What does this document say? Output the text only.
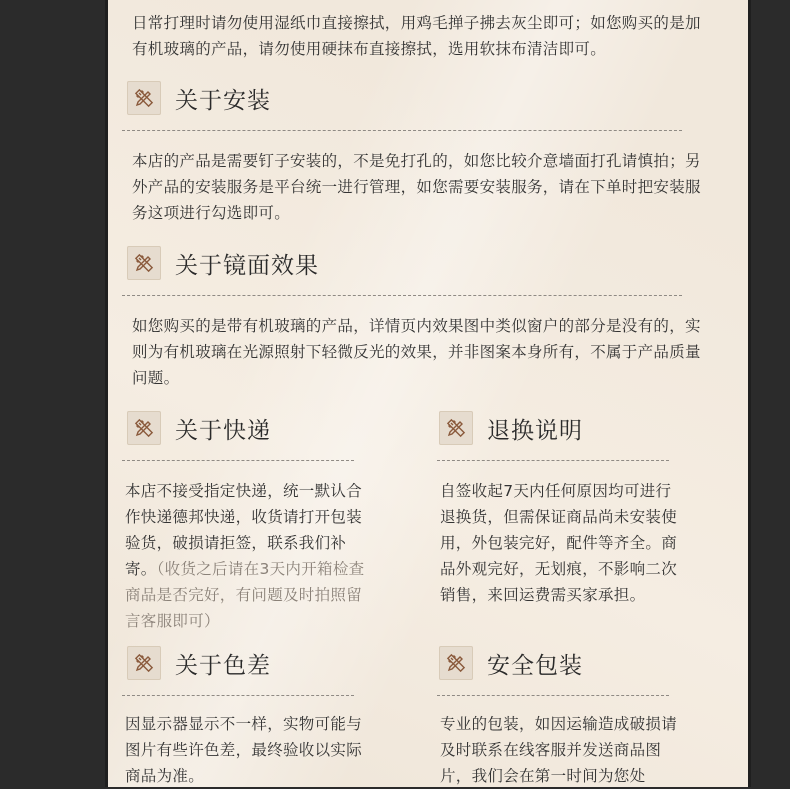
日常打理时请勿使用湿纸巾直接擦拭，用鸡毛掸子拂去灰尘即可；如您购买的是加有机玻璃的产品，请勿使用硬抹布直接擦拭，选用软抹布清洁即可。

关于安装

本店的产品是需要钉子安装的，不是免打孔的，如您比较介意墙面打孔请慎拍；另外产品的安装服务是平台统一进行管理，如您需要安装服务，请在下单时把安装服务这项进行勾选即可。

关于镜面效果

如您购买的是带有机玻璃的产品，详情页内效果图中类似窗户的部分是没有的，实则为有机玻璃在光源照射下轻微反光的效果，并非图案本身所有，不属于产品质量问题。

关于快递

本店不接受指定快递，统一默认合作快递德邦快递，收货请打开包装验货，破损请拒签，联系我们补寄。（收货之后请在3天内开箱检查商品是否完好，有问题及时拍照留言客服即可）

退换说明

自签收起7天内任何原因均可进行退换货，但需保证商品尚未安装使用，外包装完好，配件等齐全。商品外观完好，无划痕，不影响二次销售，来回运费需买家承担。

关于色差

因显示器显示不一样，实物可能与图片有些许色差，最终验收以实际商品为准。

安全包装

专业的包装，如因运输造成破损请及时联系在线客服并发送商品图片，我们会在第一时间为您处
